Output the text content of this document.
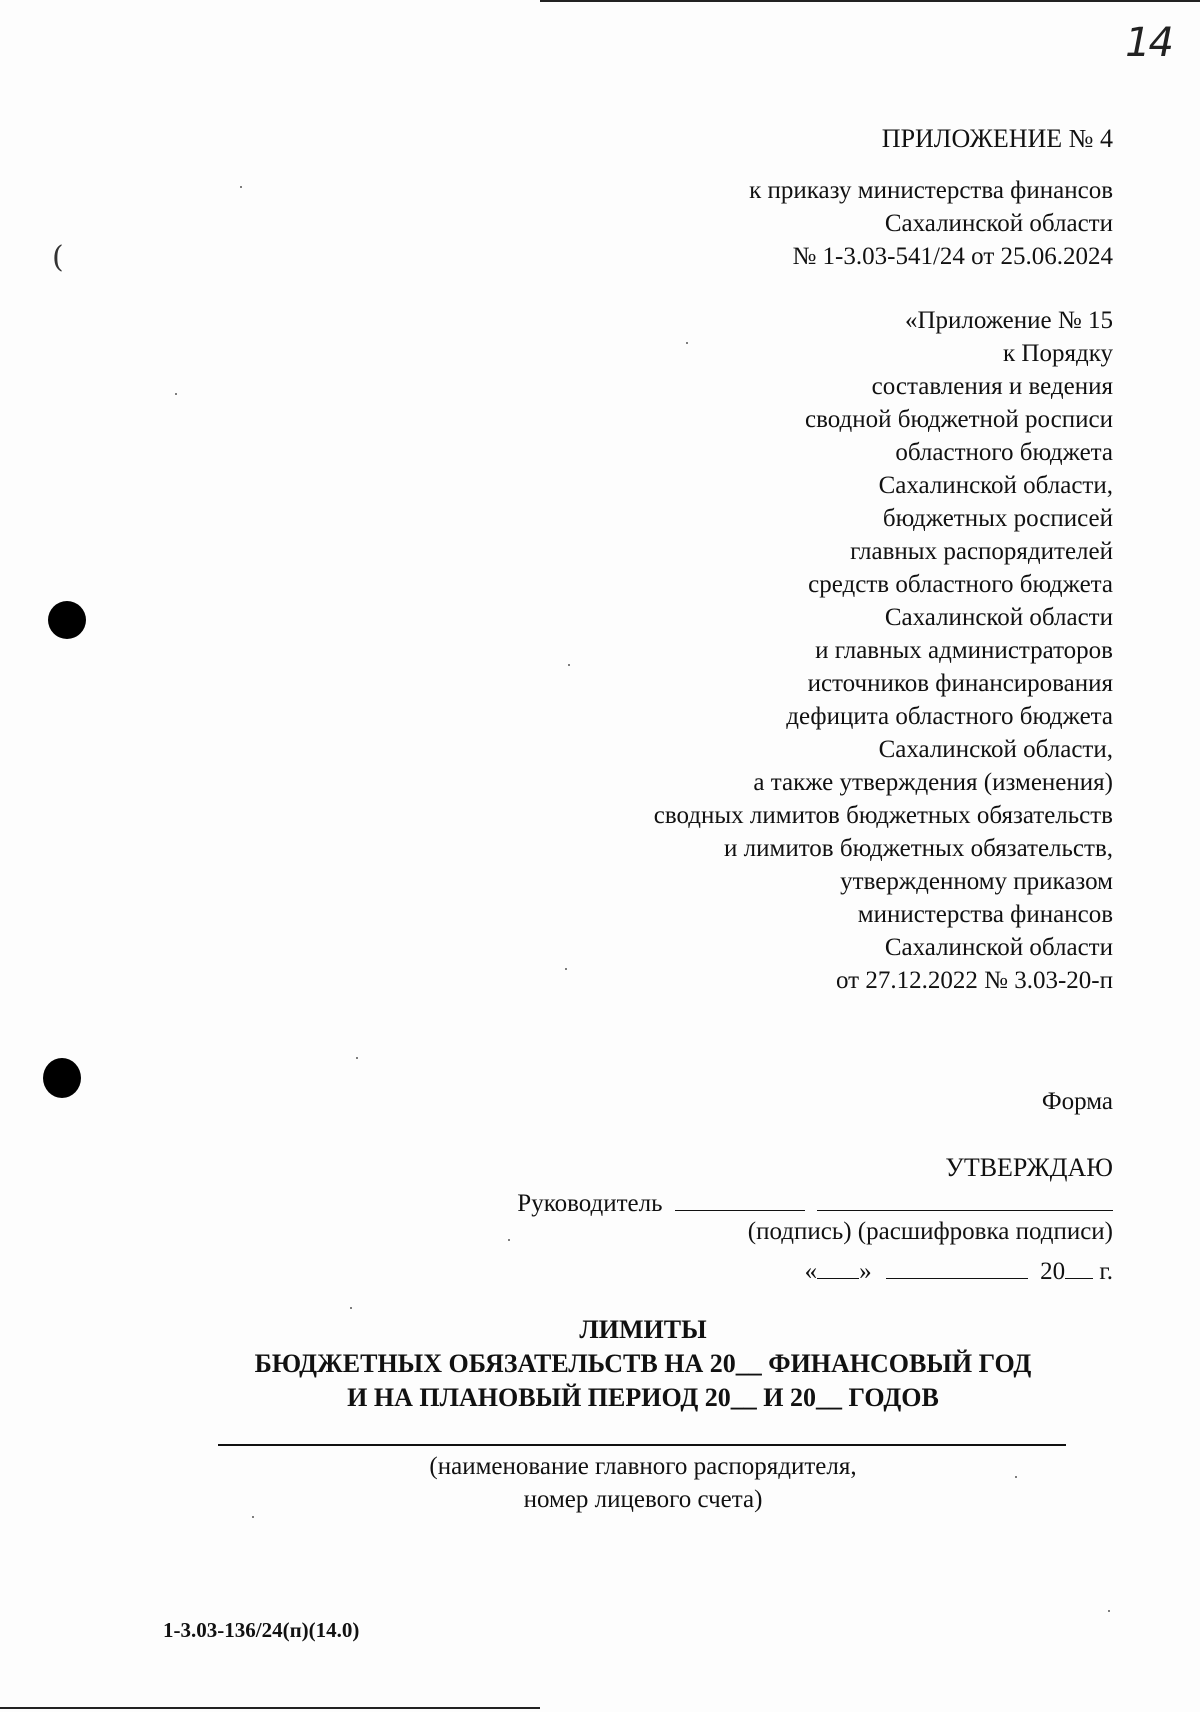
14
(
ПРИЛОЖЕНИЕ № 4
к приказу министерства финансов
Сахалинской области
№ 1-3.03-541/24 от 25.06.2024
«Приложение № 15
к Порядку
составления и ведения
сводной бюджетной росписи
областного бюджета
Сахалинской области,
бюджетных росписей
главных распорядителей
средств областного бюджета
Сахалинской области
и главных администраторов
источников финансирования
дефицита областного бюджета
Сахалинской области,
а также утверждения (изменения)
сводных лимитов бюджетных обязательств
и лимитов бюджетных обязательств,
утвержденному приказом
министерства финансов
Сахалинской области
от 27.12.2022 № 3.03-20-п
Форма
УТВЕРЖДАЮ
Руководитель
(подпись) (расшифровка подписи)
« »	20 г.
ЛИМИТЫ
БЮДЖЕТНЫХ ОБЯЗАТЕЛЬСТВ НА 20__ ФИНАНСОВЫЙ ГОД
И НА ПЛАНОВЫЙ ПЕРИОД 20__ И 20__ ГОДОВ
(наименование главного распорядителя,
номер лицевого счета)
1-3.03-136/24(п)(14.0)
